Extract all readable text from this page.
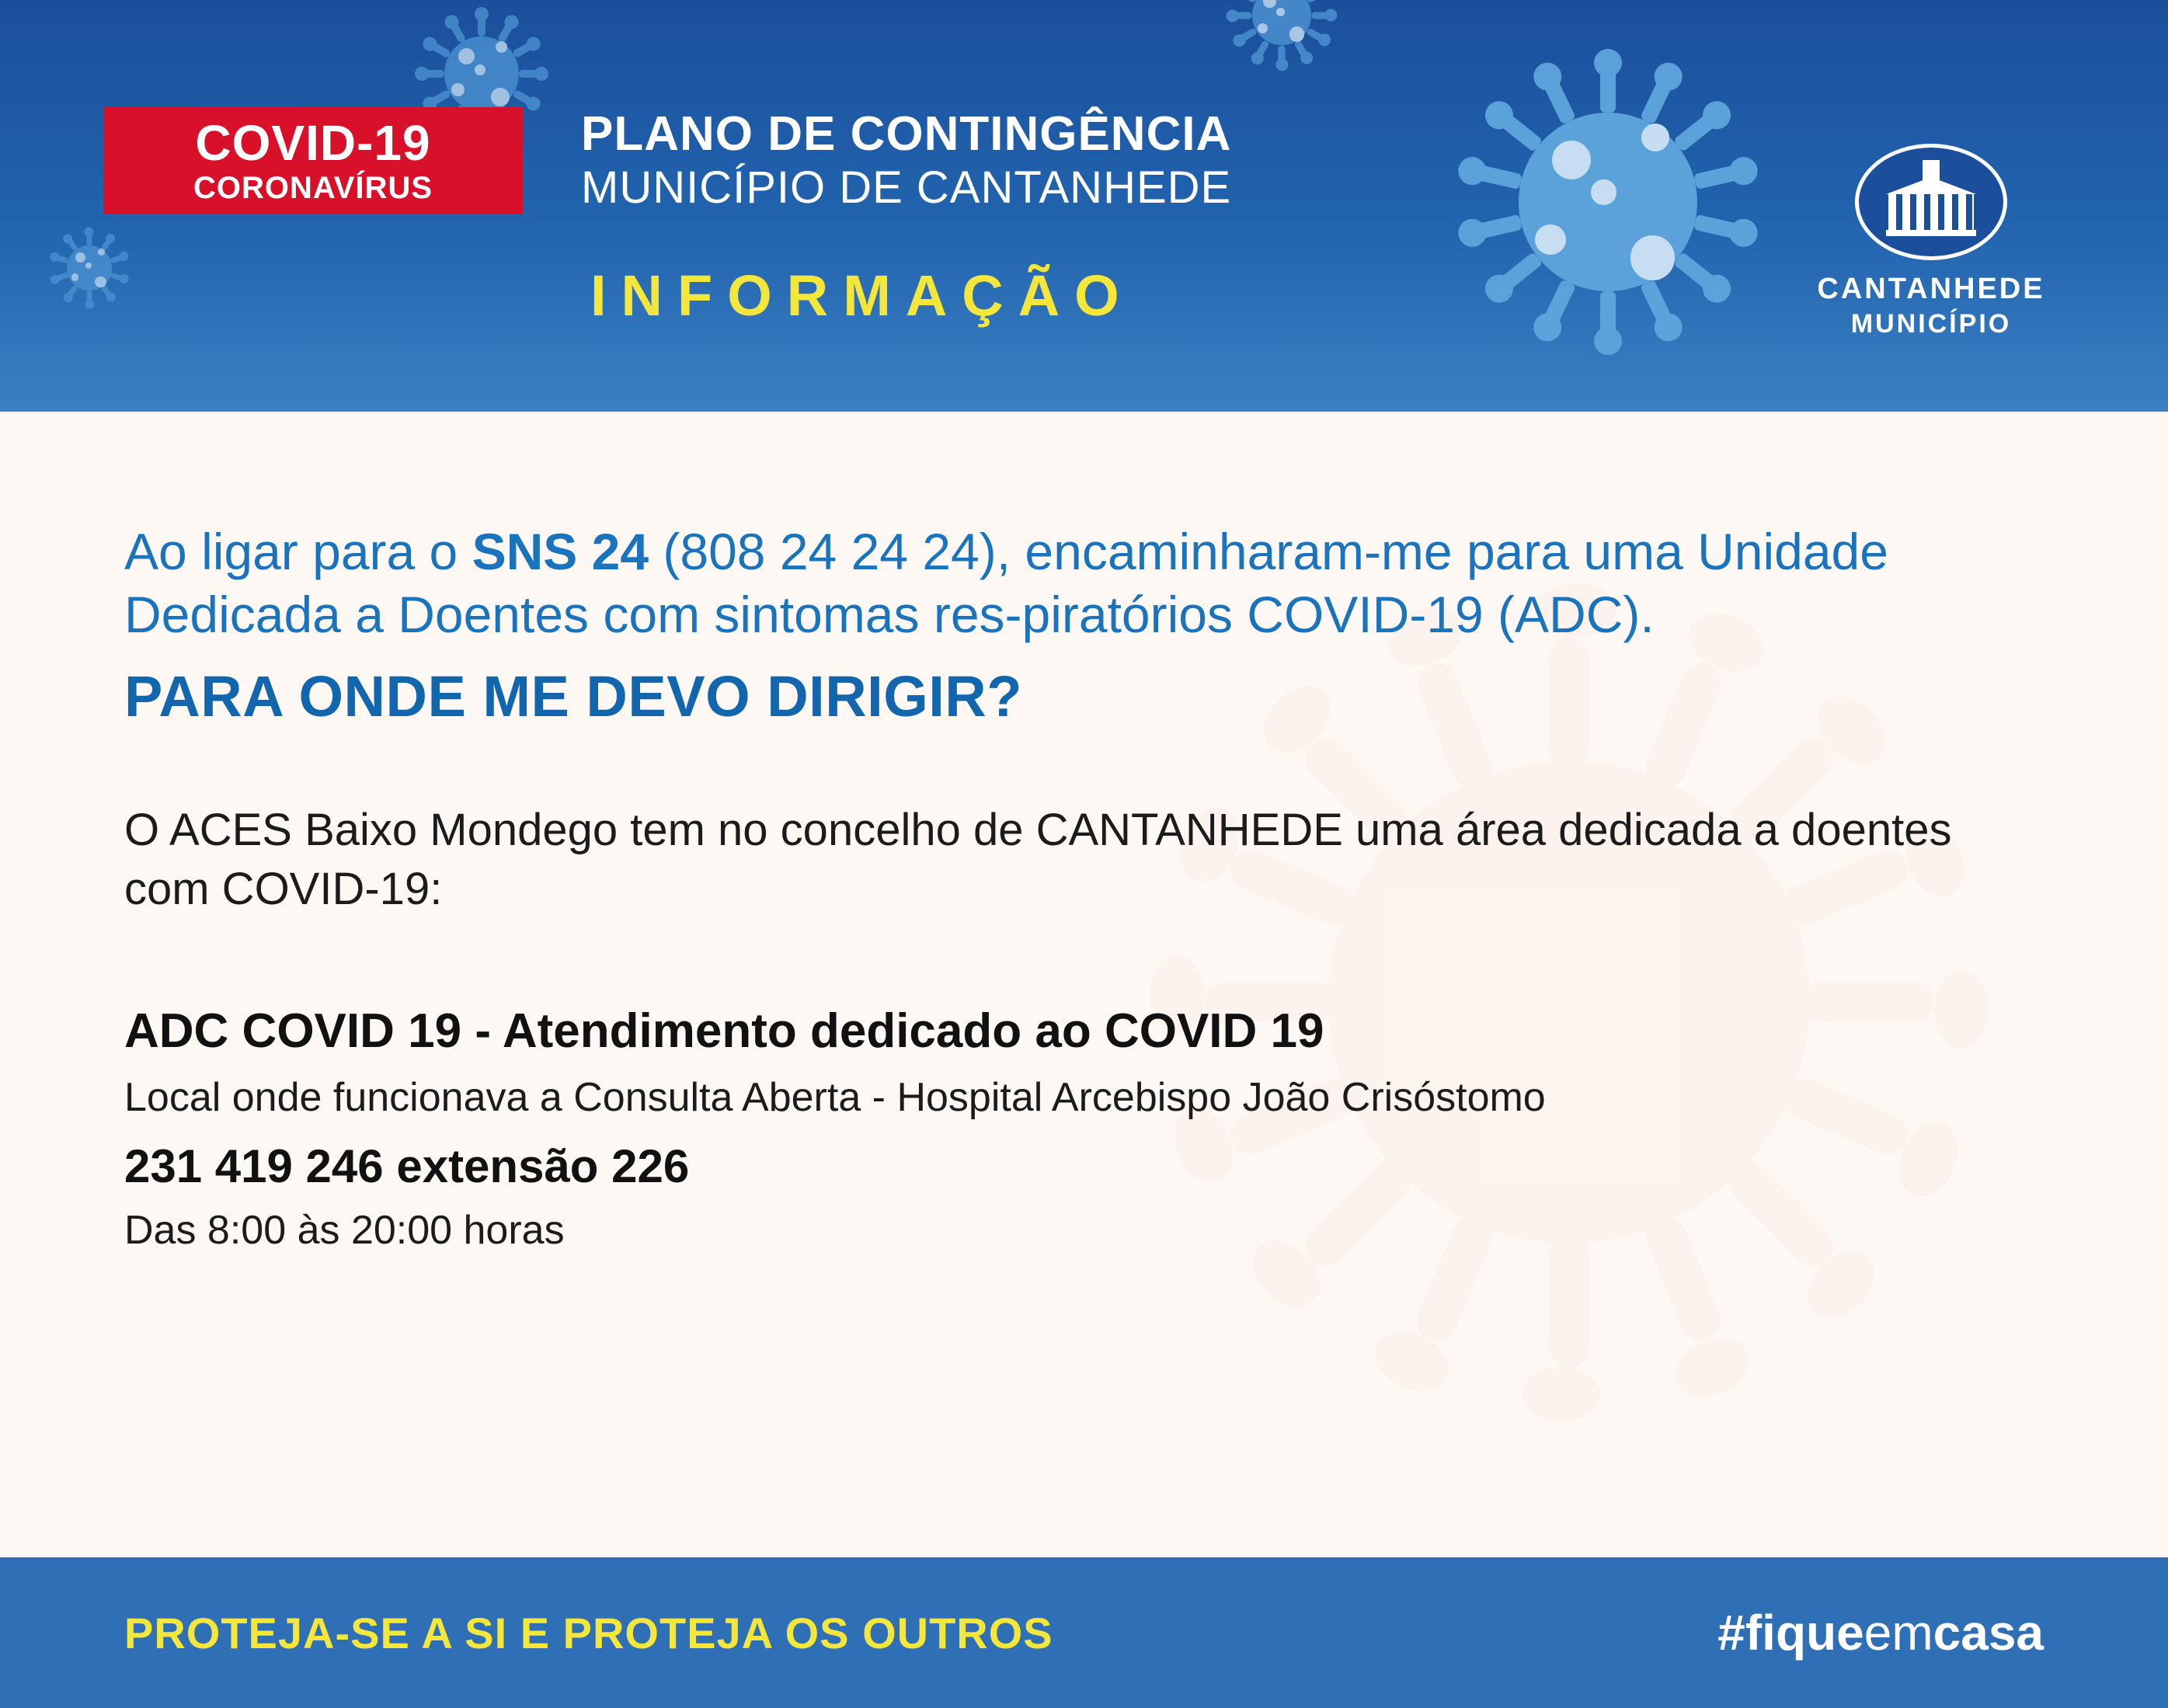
COVID-19
CORONAVÍRUS
PLANO DE CONTINGÊNCIA
MUNICÍPIO DE CANTANHEDE
INFORMAÇÃO	CANTANHEDE
MUNICÍPIO
Ao ligar para o SNS 24 (808 24 24 24), encaminharam-me para uma Unidade Dedicada a Doentes com sintomas res-piratórios COVID-19 (ADC).
PARA ONDE ME DEVO DIRIGIR?
O ACES Baixo Mondego tem no concelho de CANTANHEDE uma área dedicada a doentes com COVID-19:
ADC COVID 19 - Atendimento dedicado ao COVID 19
Local onde funcionava a Consulta Aberta - Hospital Arcebispo João Crisóstomo
231 419 246 extensão 226
Das 8:00 às 20:00 horas
PROTEJA-SE A SI E PROTEJA OS OUTROS	#fiqueemcasa
